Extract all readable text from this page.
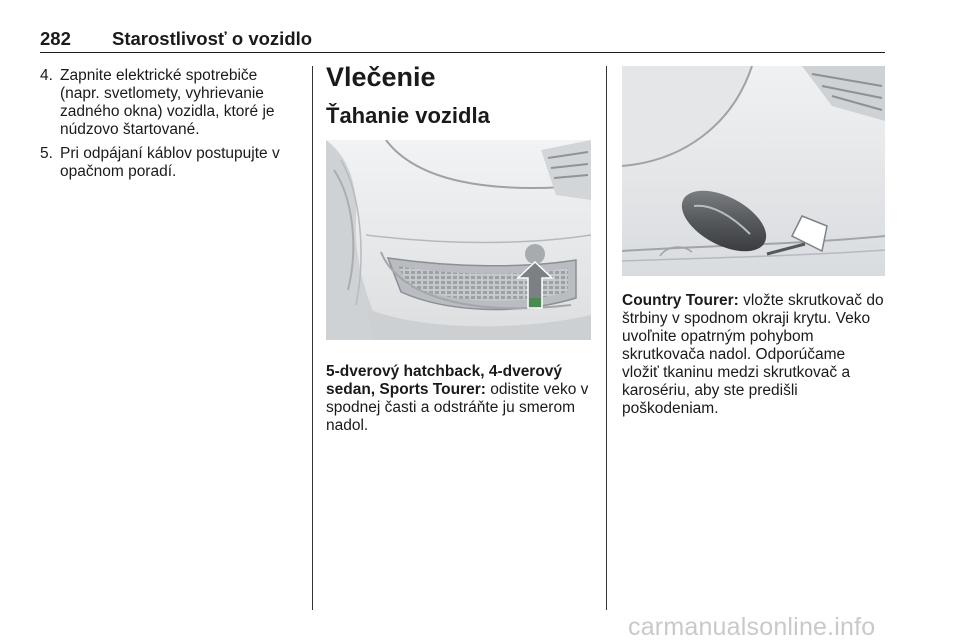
282 Starostlivosť o vozidlo
4. Zapnite elektrické spotrebiče
(napr. svetlomety, vyhrievanie
zadného okna) vozidla, ktoré je
núdzovo štartované.
5. Pri odpájaní káblov postupujte v
opačnom poradí.
Vlečenie
Ťahanie vozidla
5-dverový hatchback, 4-dverový
sedan, Sports Tourer: odistite veko v
spodnej časti a odstráňte ju smerom
nadol.
Country Tourer: vložte skrutkovač do
štrbiny v spodnom okraji krytu. Veko
uvoľnite opatrným pohybom
skrutkovača nadol. Odporúčame
vložiť tkaninu medzi skrutkovač a
karosériu, aby ste predišli
poškodeniam.
carmanualsonline.info
